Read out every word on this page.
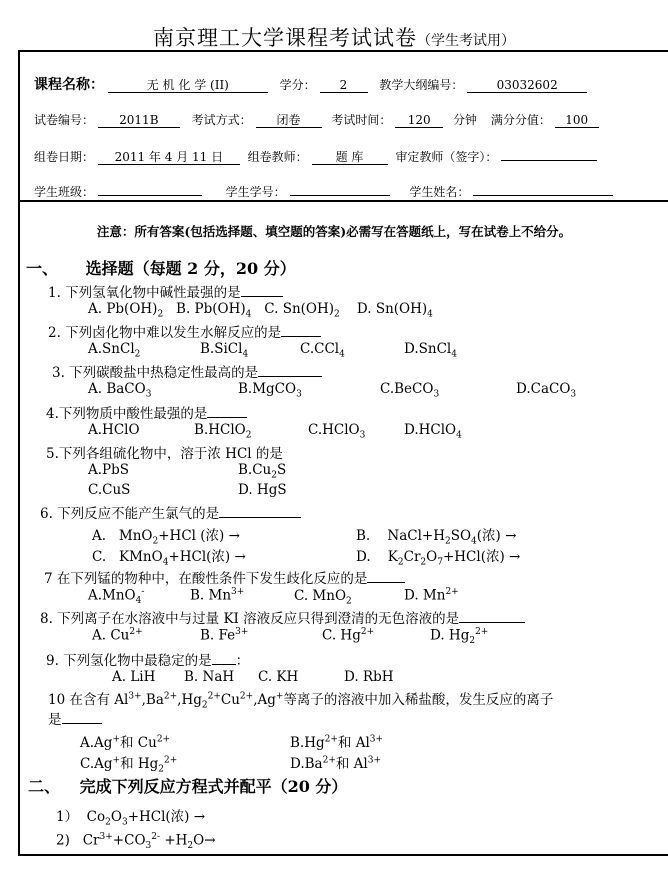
南京理工大学课程考试试卷（学生考试用）
课程名称：	无 机 化 学 (II)	学分： 2	教学大纲编号：	03032602
试卷编号： 2011B	考试方式： 闭卷	考试时间： 120 分钟 满分分值： 100
组卷日期： 2011 年 4 月 11 日 组卷教师： 题 库	审定教师（签字）：
学生班级：	学生学号：	学生姓名：
注意：所有答案(包括选择题、填空题的答案)必需写在答题纸上，写在试卷上不给分。
一、 选择题（每题 2 分，20 分）
1. 下列氢氧化物中碱性最强的是
A. $Pb(OH)_2$   B. $Pb(OH)_4$   C. $Sn(OH)_2$    D. $Sn(OH)_4$
2. 下列卤化物中难以发生水解反应的是
A.SnCl$_2$	B.SiCl$_4$	C.CCl$_4$	D.SnCl$_4$
3. 下列碳酸盐中热稳定性最高的是
A. BaCO$_3$	B.MgCO$_3$	C.BeCO$_3$	D.CaCO$_3$
4.下列物质中酸性最强的是
A.HClO	B.HClO$_2$	C.HClO$_3$	D.HClO$_4$
5.下列各组硫化物中，溶于浓 HCl 的是
A.PbS	$B.Cu_2S$
C.CuS	D. HgS
6. 下列反应不能产生氯气的是
A.   MnO$_2$+HCl (浓) →	B.    $NaCl+H_2SO_4$(浓) →
C.   KMnO$_4$+HCl(浓) →	D.    $K_2Cr_2O_7+HCl$(浓) →
7 在下列锰的物种中，在酸性条件下发生歧化反应的是
A.MnO$_4$-	B. $Mn^{3+}$	C. MnO$_2$	D. $Mn^{2+}$
8. 下列离子在水溶液中与过量 KI 溶液反应只得到澄清的无色溶液的是
A. $Cu^{2+}$	B. $Fe^{3+}$	C. $Hg^{2+}$	D. $Hg_2^{2+}$
9. 下列氢化物中最稳定的是 ：
A. LiH B. NaH C. KH	D. RbH
10 在含有 $Al^{3+},Ba^{2+},Hg_2^{2+}Cu^{2+},Ag^+$等离子的溶液中加入稀盐酸，发生反应的离子
是
A.Ag+和 $Cu^{2+}$	$B.Hg^{2+}$和 $Al^{3+}$
C.Ag+和 $Hg_2^{2+}$	$D.Ba^{2+}$和 $Al^{3+}$
二、 完成下列反应方程式并配平（20 分）
1）  $Co_2O_3+HCl$(浓) →
2)   $Cr^{3+}+CO_3^{2-} +H_2O\to$
